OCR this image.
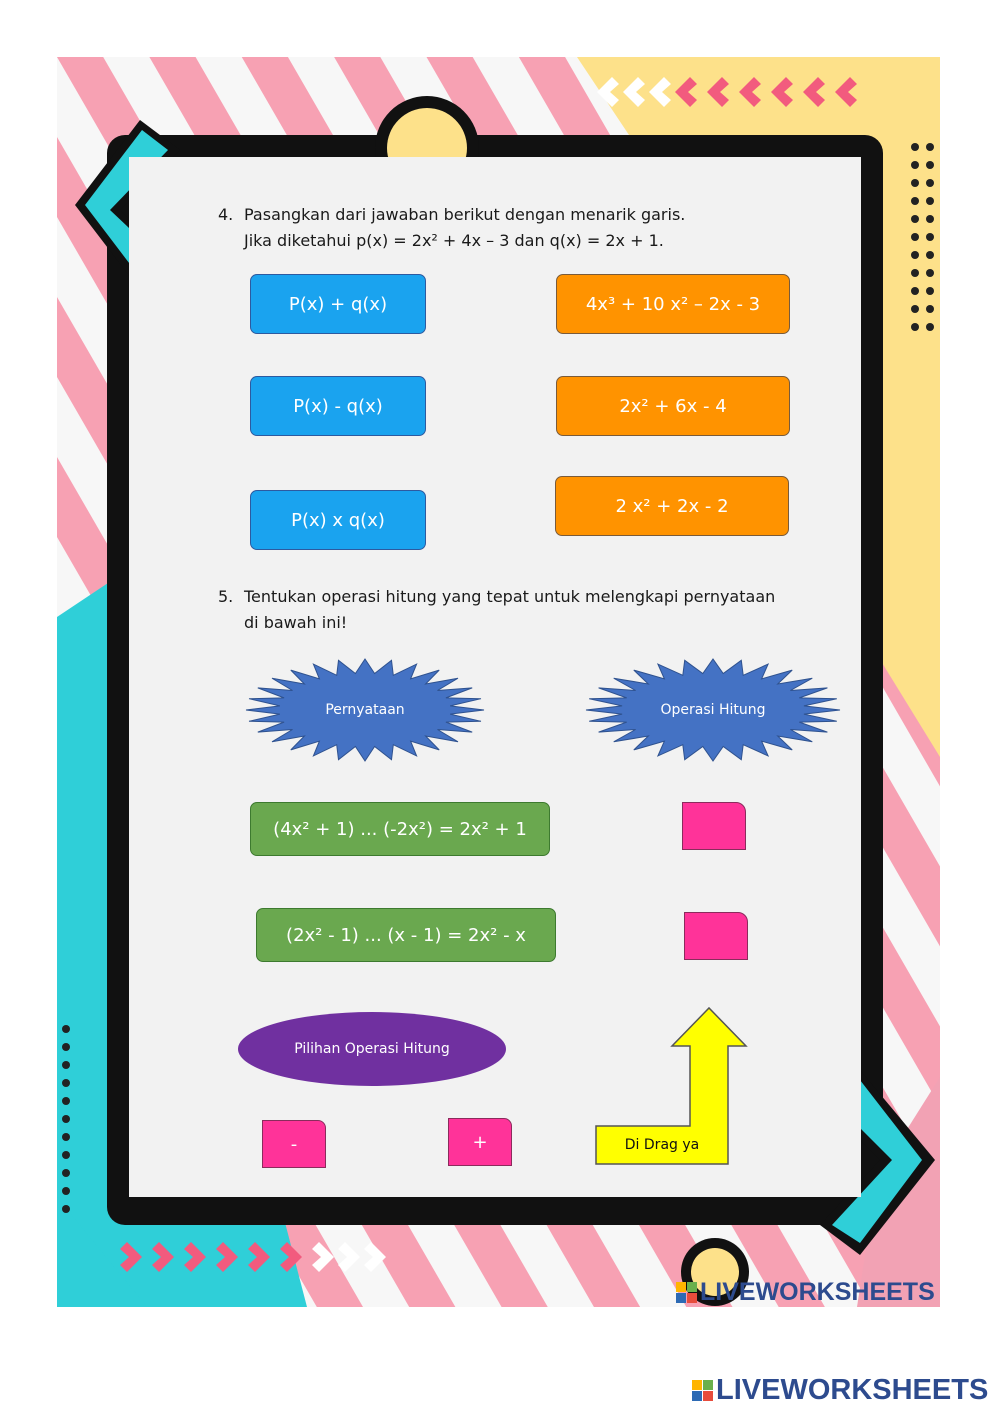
4. Pasangkan dari jawaban berikut dengan menarik garis.
Jika diketahui p(x) = 2x² + 4x – 3 dan q(x) = 2x + 1.
P(x) + q(x)
P(x) - q(x)
P(x) x q(x)
4x³ + 10 x² – 2x - 3
2x² + 6x - 4
2 x² + 2x - 2
5. Tentukan operasi hitung yang tepat untuk melengkapi pernyataan
di bawah ini!
Pernyataan	Operasi Hitung
(4x² + 1) ... (-2x²) = 2x² + 1
(2x² - 1) ... (x - 1) = 2x² - x
Pilihan Operasi Hitung
-	+	Di Drag ya
LIVEWORKSHEETS
LIVEWORKSHEETS
